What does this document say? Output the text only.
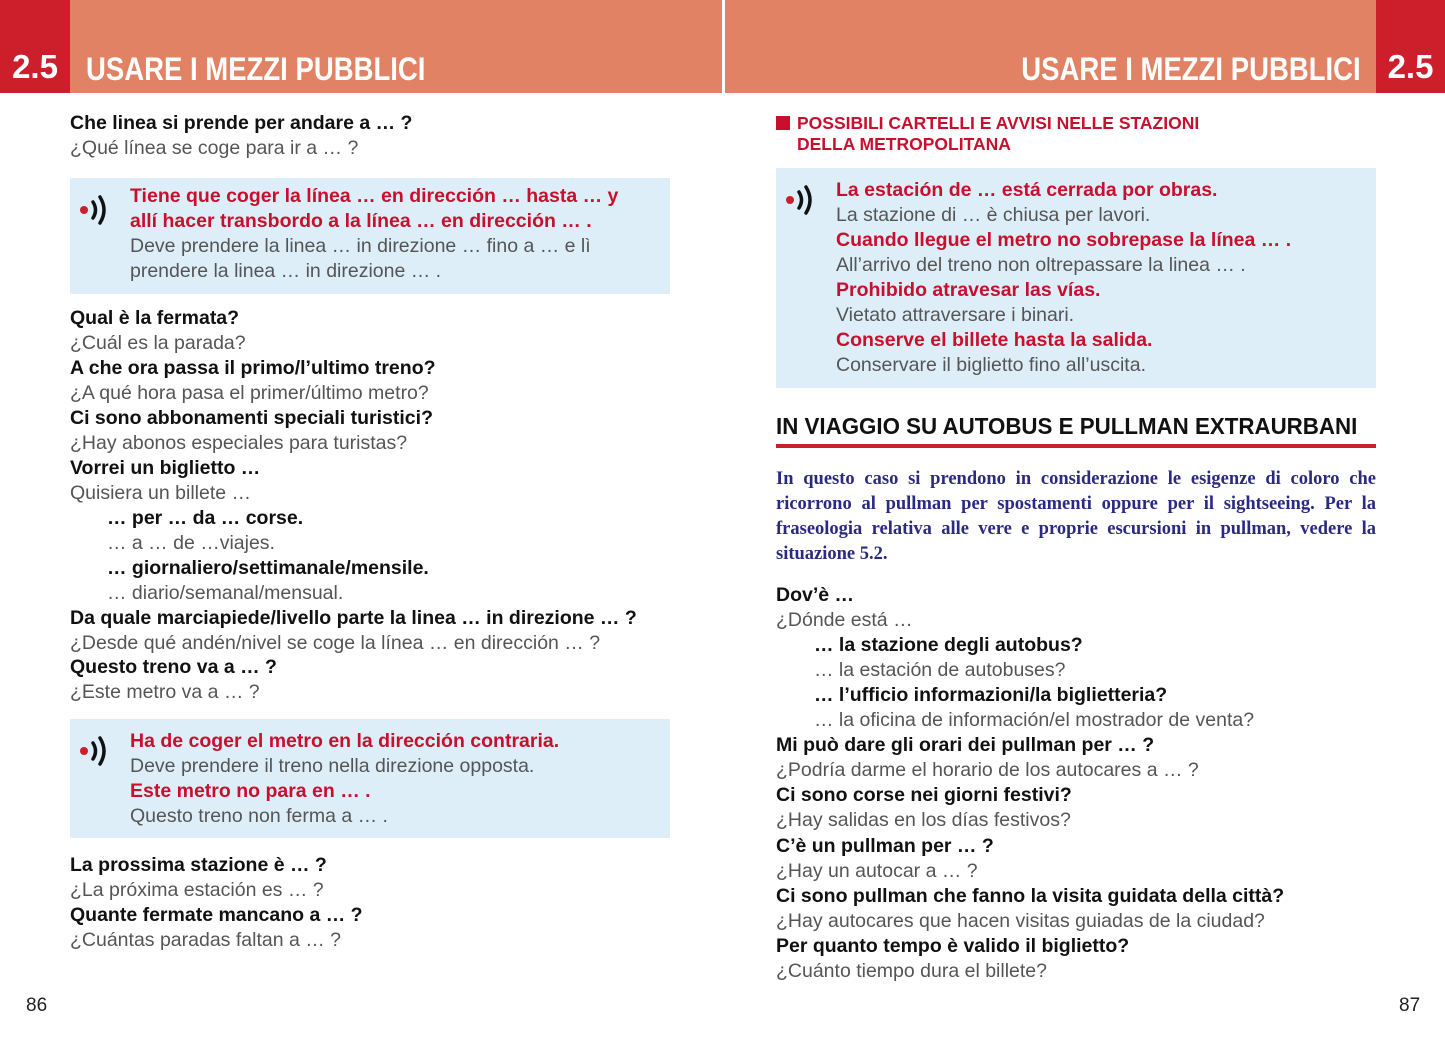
2.5 USARE I MEZZI PUBBLICI	USARE I MEZZI PUBBLICI 2.5
Che linea si prende per andare a … ?
¿Qué línea se coge para ir a … ?
Tiene que coger la línea … en dirección … hasta … y
allí hacer transbordo a la línea … en dirección … .
Deve prendere la linea … in direzione … fino a … e lì
prendere la linea … in direzione … .
Qual è la fermata?
¿Cuál es la parada?
A che ora passa il primo/l’ultimo treno?
¿A qué hora pasa el primer/último metro?
Ci sono abbonamenti speciali turistici?
¿Hay abonos especiales para turistas?
Vorrei un biglietto …
Quisiera un billete …
… per … da … corse.
… a … de …viajes.
… giornaliero/settimanale/mensile.
… diario/semanal/mensual.
Da quale marciapiede/livello parte la linea … in direzione … ?
¿Desde qué andén/nivel se coge la línea … en dirección … ?
Questo treno va a … ?
¿Este metro va a … ?
Ha de coger el metro en la dirección contraria.
Deve prendere il treno nella direzione opposta.
Este metro no para en … .
Questo treno non ferma a … .
La prossima stazione è … ?
¿La próxima estación es … ?
Quante fermate mancano a … ?
¿Cuántas paradas faltan a … ?
86
POSSIBILI CARTELLI E AVVISI NELLE STAZIONI
DELLA METROPOLITANA
La estación de … está cerrada por obras.
La stazione di … è chiusa per lavori.
Cuando llegue el metro no sobrepase la línea … .
All’arrivo del treno non oltrepassare la linea … .
Prohibido atravesar las vías.
Vietato attraversare i binari.
Conserve el billete hasta la salida.
Conservare il biglietto fino all’uscita.
IN VIAGGIO SU AUTOBUS E PULLMAN EXTRAURBANI
In questo caso si prendono in considerazione le esigenze di coloro che ricorrono al pullman per spostamenti oppure per il sightseeing. Per la fraseologia relativa alle vere e proprie escursioni in pullman, vedere la situazione 5.2.
Dov’è …
¿Dónde está …
… la stazione degli autobus?
… la estación de autobuses?
… l’ufficio informazioni/la biglietteria?
… la oficina de información/el mostrador de venta?
Mi può dare gli orari dei pullman per … ?
¿Podría darme el horario de los autocares a … ?
Ci sono corse nei giorni festivi?
¿Hay salidas en los días festivos?
C’è un pullman per … ?
¿Hay un autocar a … ?
Ci sono pullman che fanno la visita guidata della città?
¿Hay autocares que hacen visitas guiadas de la ciudad?
Per quanto tempo è valido il biglietto?
¿Cuánto tiempo dura el billete?
87
